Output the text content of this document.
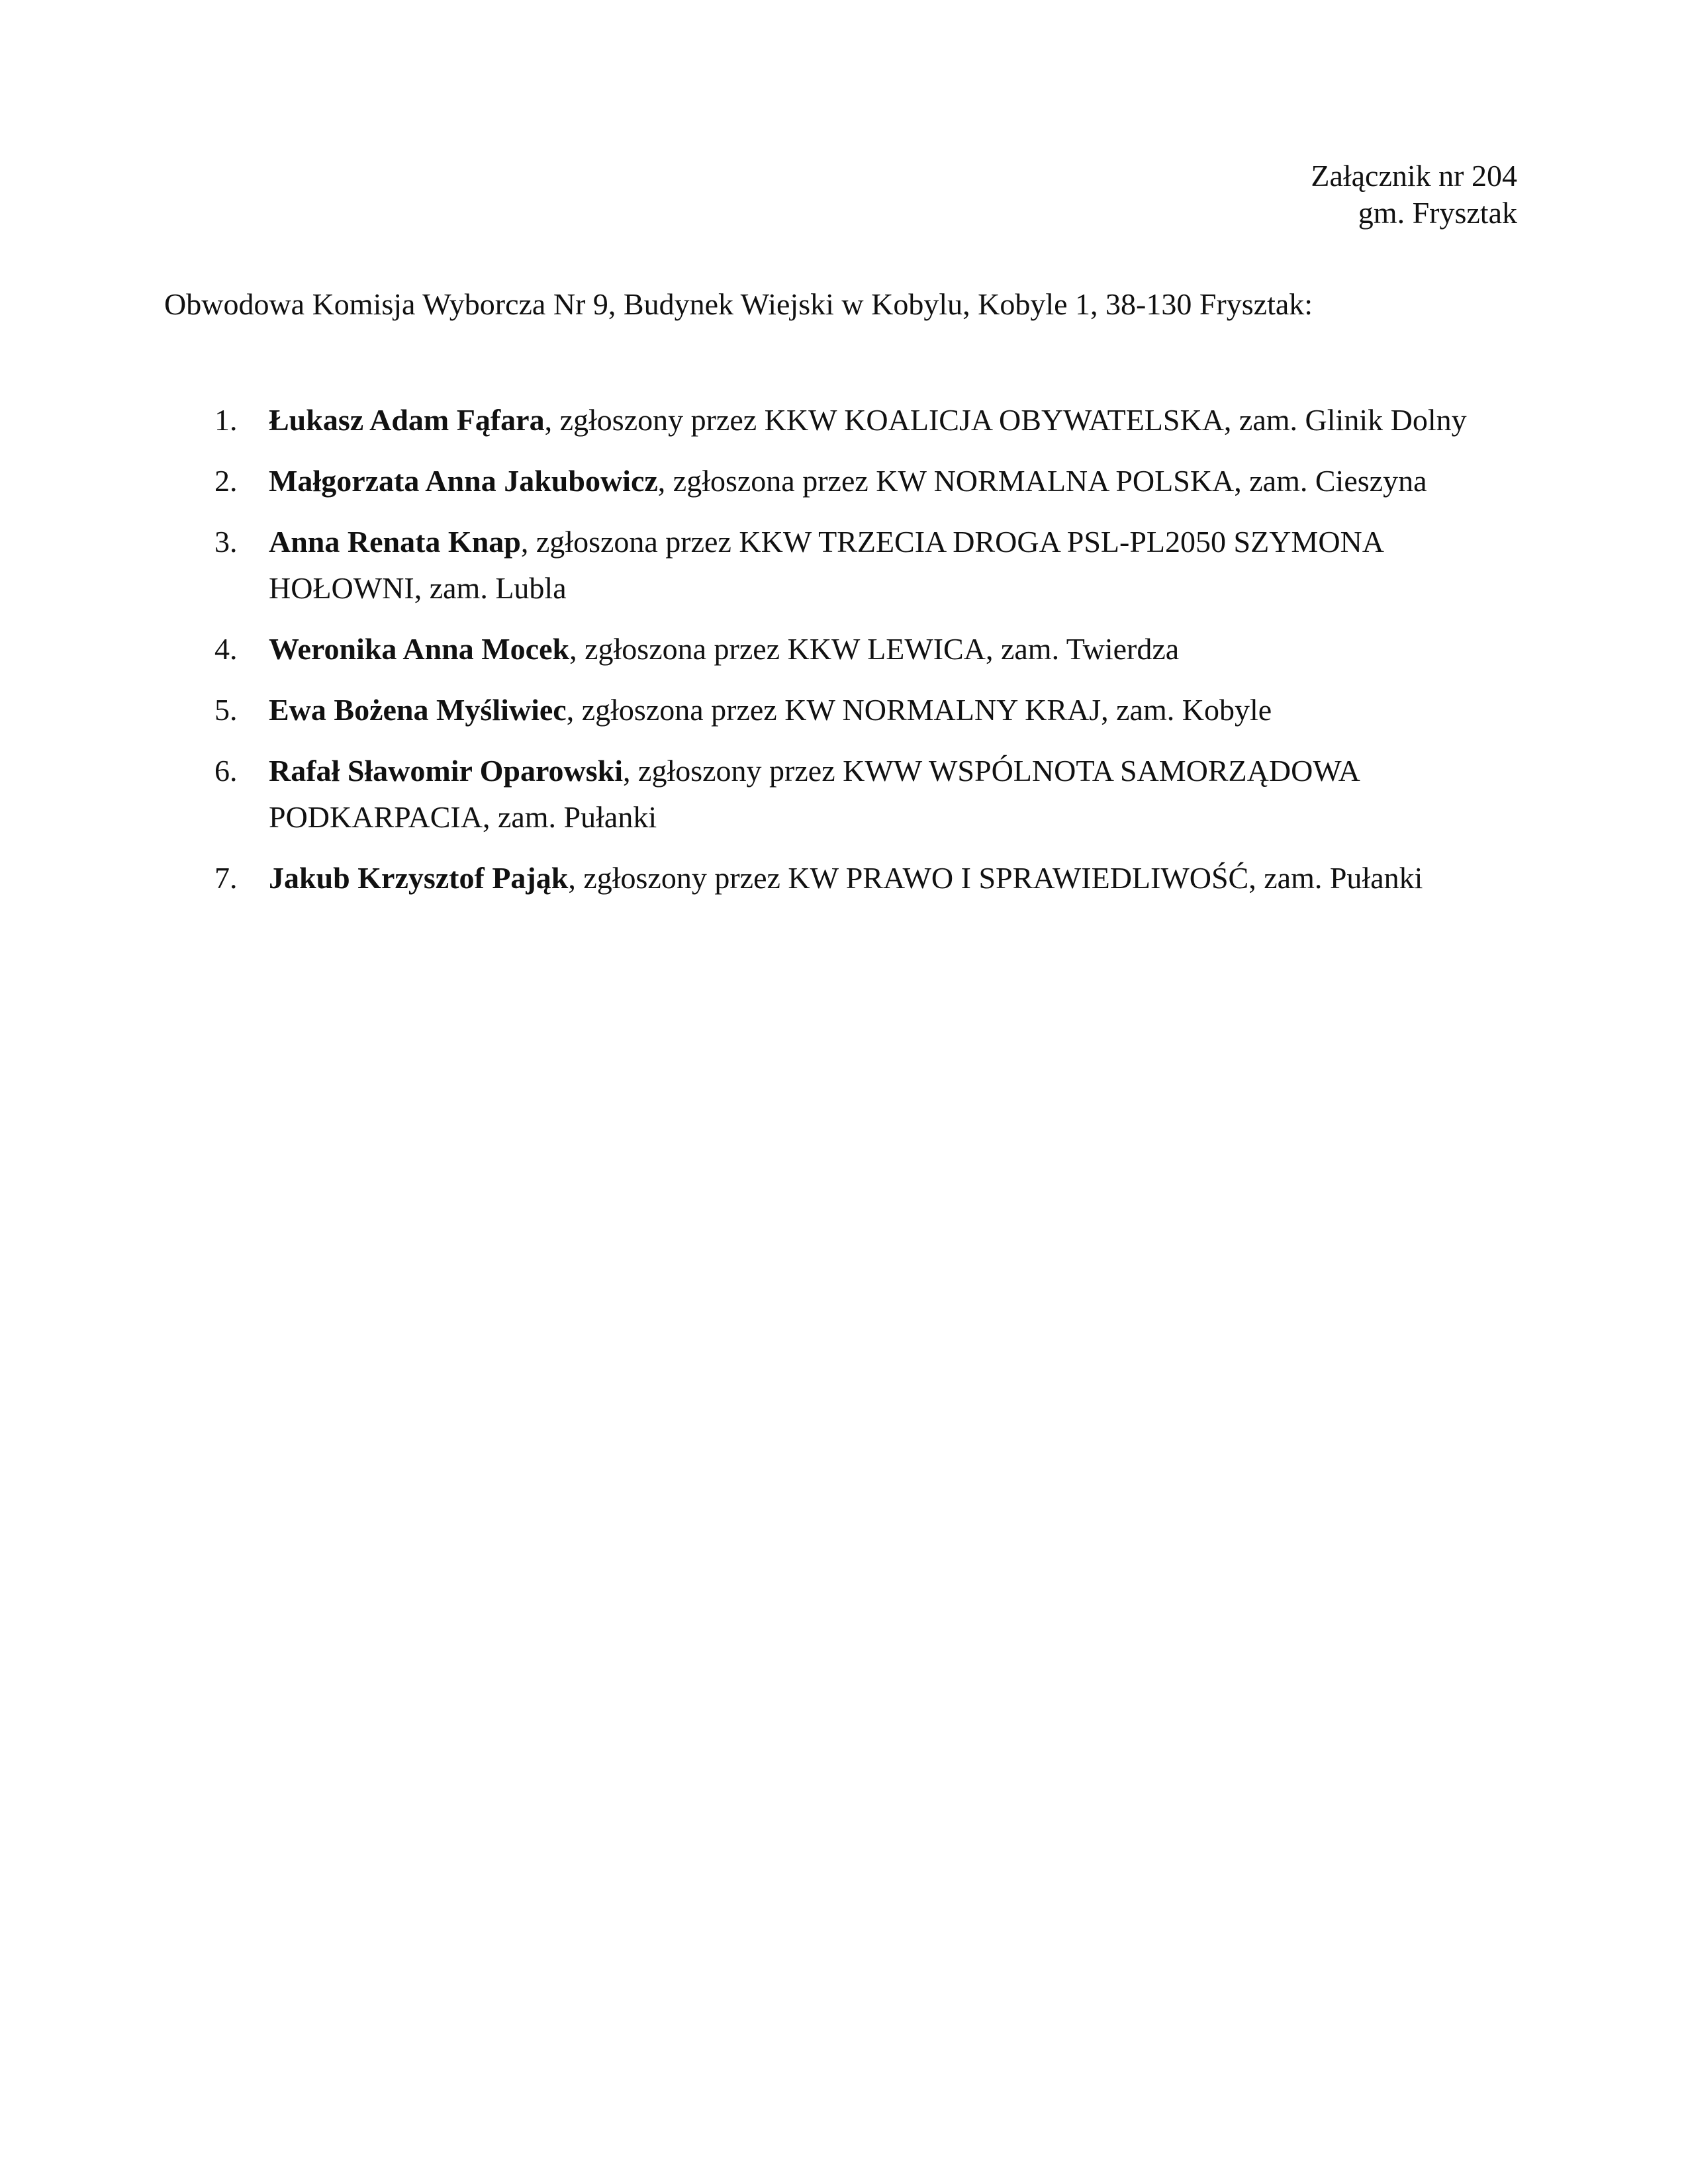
Załącznik nr 204
gm. Frysztak
Obwodowa Komisja Wyborcza Nr 9, Budynek Wiejski w Kobylu, Kobyle 1, 38-130 Frysztak:
1. Łukasz Adam Fąfara, zgłoszony przez KKW KOALICJA OBYWATELSKA, zam. Glinik Dolny
2. Małgorzata Anna Jakubowicz, zgłoszona przez KW NORMALNA POLSKA, zam. Cieszyna
3. Anna Renata Knap, zgłoszona przez KKW TRZECIA DROGA PSL-PL2050 SZYMONA HOŁOWNI, zam. Lubla
4. Weronika Anna Mocek, zgłoszona przez KKW LEWICA, zam. Twierdza
5. Ewa Bożena Myśliwiec, zgłoszona przez KW NORMALNY KRAJ, zam. Kobyle
6. Rafał Sławomir Oparowski, zgłoszony przez KWW WSPÓLNOTA SAMORZĄDOWA PODKARPACIA, zam. Pułanki
7. Jakub Krzysztof Pająk, zgłoszony przez KW PRAWO I SPRAWIEDLIWOŚĆ, zam. Pułanki
